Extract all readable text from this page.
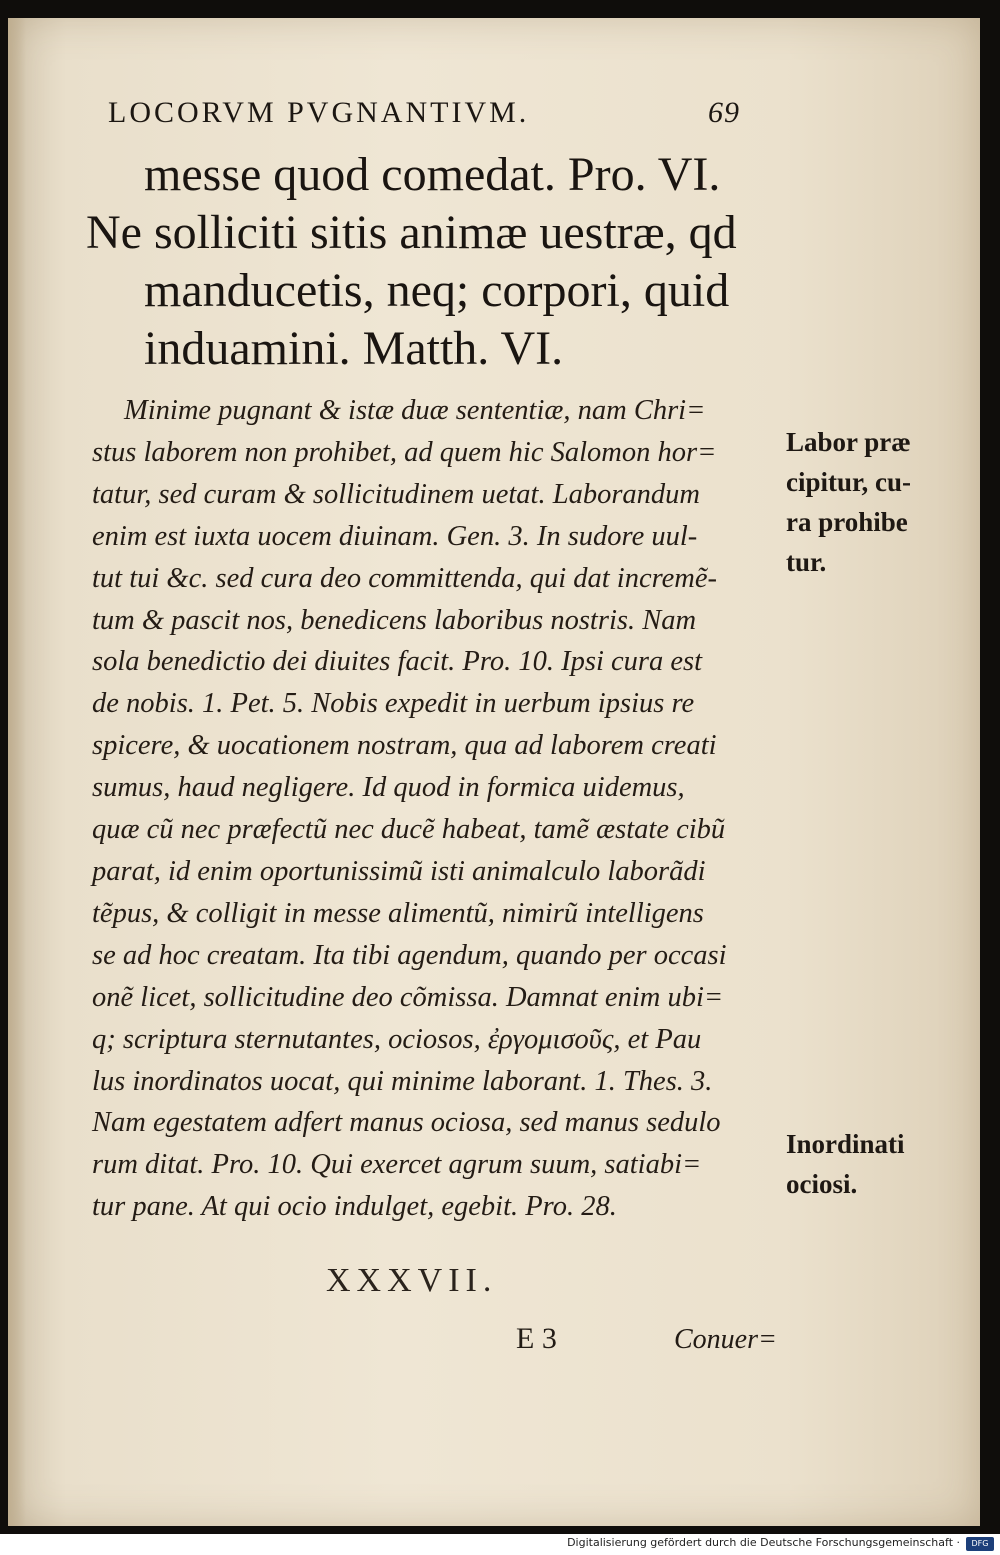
LOCORVM PVGNANTIVM.	69
messe quod comedat. Pro. VI.
Ne solliciti sitis animæ uestræ, qd
manducetis, neq; corpori, quid
induamini. Matth. VI.
Minime pugnant & istæ duæ sententiæ, nam Chri=
stus laborem non prohibet, ad quem hic Salomon hor=
tatur, sed curam & sollicitudinem uetat. Laborandum
enim est iuxta uocem diuinam. Gen. 3. In sudore uul-
tut tui &c. sed cura deo committenda, qui dat incremẽ-
tum & pascit nos, benedicens laboribus nostris. Nam
sola benedictio dei diuites facit. Pro. 10. Ipsi cura est
de nobis. 1. Pet. 5. Nobis expedit in uerbum ipsius re
spicere, & uocationem nostram, qua ad laborem creati
sumus, haud negligere. Id quod in formica uidemus,
quæ cũ nec præfectũ nec ducẽ habeat, tamẽ æstate cibũ
parat, id enim oportunissimũ isti animalculo laborãdi
tẽpus, & colligit in messe alimentũ, nimirũ intelligens
se ad hoc creatam. Ita tibi agendum, quando per occasi
onẽ licet, sollicitudine deo cõmissa. Damnat enim ubi=
q; scriptura sternutantes, ociosos, ἐργομισοῦς, et Pau
lus inordinatos uocat, qui minime laborant. 1. Thes. 3.
Nam egestatem adfert manus ociosa, sed manus sedulo
rum ditat. Pro. 10. Qui exercet agrum suum, satiabi=
tur pane. At qui ocio indulget, egebit. Pro. 28.
Labor præ
cipitur, cu-
ra prohibe
tur.
Inordinati
ociosi.
XXXVII.
E 3	Conuer=
Digitalisierung gefördert durch die Deutsche Forschungsgemeinschaft ·	DFG
